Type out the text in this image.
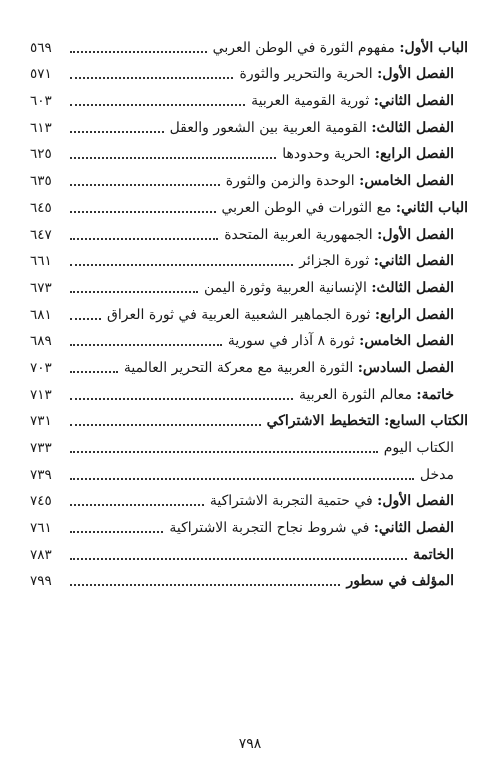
الباب الأول
:

مفهوم الثورة في الوطن العربي
٥٦٩
الفصل الأول
:

الحرية والتحرير والثورة
٥٧١
الفصل الثاني
:

ثورية القومية العربية
٦٠٣
الفصل الثالث
:

القومية العربية بين الشعور والعقل
٦١٣
الفصل الرابع
:

الحرية وحدودها
٦٢٥
الفصل الخامس
:

الوحدة والزمن والثورة
٦٣٥
الباب الثاني
:

مع الثورات في الوطن العربي
٦٤٥
الفصل الأول
:

الجمهورية العربية المتحدة
٦٤٧
الفصل الثاني
:

ثورة الجزائر
٦٦١
الفصل الثالث
:

الإنسانية العربية وثورة اليمن
٦٧٣
الفصل الرابع
:

ثورة الجماهير الشعبية العربية في ثورة العراق
٦٨١
الفصل الخامس
:

ثورة ٨ آذار في سورية
٦٨٩
الفصل السادس
:

الثورة العربية مع معركة التحرير العالمية
٧٠٣
خاتمة
:

معالم الثورة العربية
٧١٣
الكتاب السابع
:

التخطيط الاشتراكي
٧٣١
الكتاب اليوم
٧٣٣
مدخل
٧٣٩
الفصل الأول
:

في حتمية التجربة الاشتراكية
٧٤٥
الفصل الثاني
:

في شروط نجاح التجربة الاشتراكية
٧٦١
الخاتمة
٧٨٣
المؤلف في سطور
٧٩٩
٧٩٨
